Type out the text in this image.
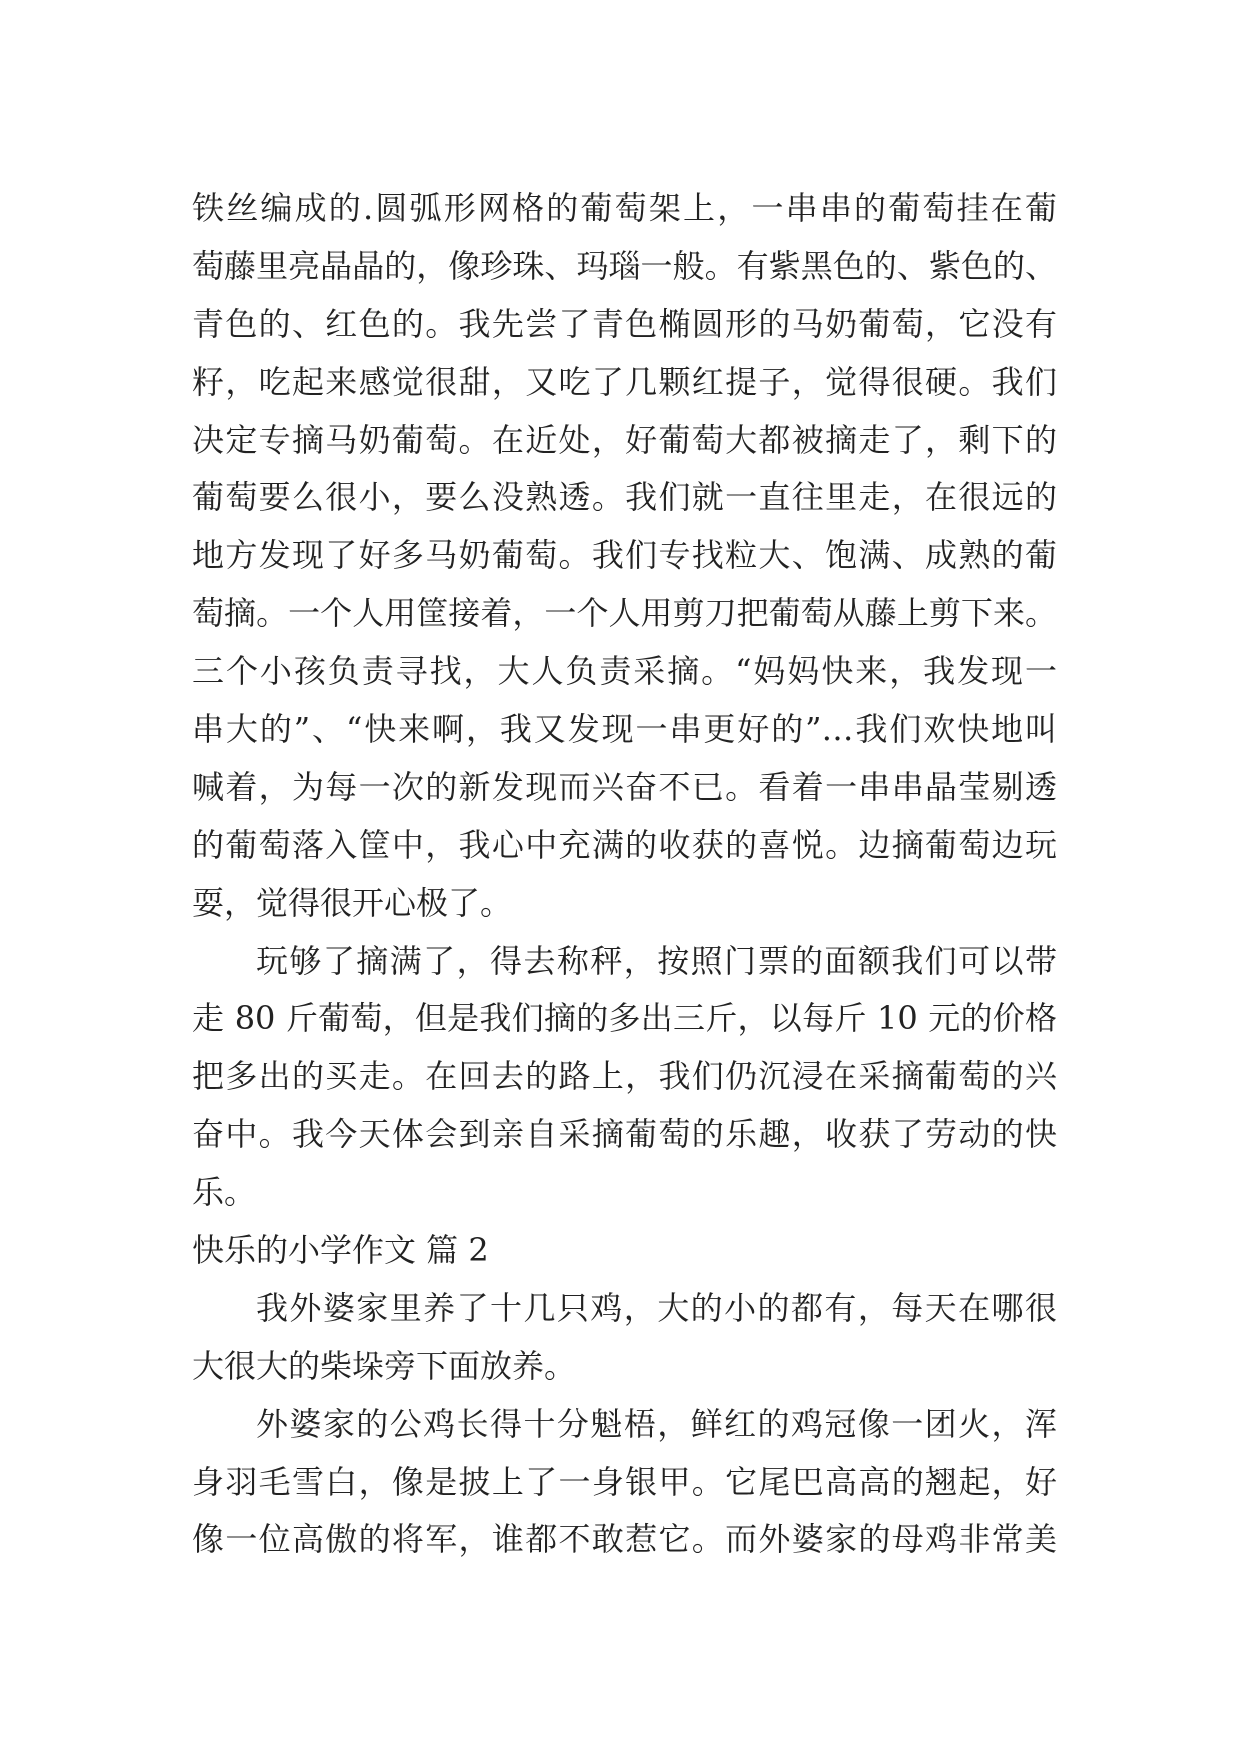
铁丝编成的.圆弧形网格的葡萄架上，一串串的葡萄挂在葡
萄藤里亮晶晶的，像珍珠、玛瑙一般。有紫黑色的、紫色的、
青色的、红色的。我先尝了青色椭圆形的马奶葡萄，它没有
籽，吃起来感觉很甜，又吃了几颗红提子，觉得很硬。我们
决定专摘马奶葡萄。在近处，好葡萄大都被摘走了，剩下的
葡萄要么很小，要么没熟透。我们就一直往里走，在很远的
地方发现了好多马奶葡萄。我们专找粒大、饱满、成熟的葡
萄摘。一个人用筐接着，一个人用剪刀把葡萄从藤上剪下来。
三个小孩负责寻找，大人负责采摘。“妈妈快来，我发现一
串大的”、“快来啊，我又发现一串更好的”…我们欢快地叫
喊着，为每一次的新发现而兴奋不已。看着一串串晶莹剔透
的葡萄落入筐中，我心中充满的收获的喜悦。边摘葡萄边玩
耍，觉得很开心极了。
玩够了摘满了，得去称秤，按照门票的面额我们可以带
走 80 斤葡萄，但是我们摘的多出三斤，以每斤 10 元的价格
把多出的买走。在回去的路上，我们仍沉浸在采摘葡萄的兴
奋中。我今天体会到亲自采摘葡萄的乐趣，收获了劳动的快
乐。
快乐的小学作文 篇 2
我外婆家里养了十几只鸡，大的小的都有，每天在哪很
大很大的柴垛旁下面放养。
外婆家的公鸡长得十分魁梧，鲜红的鸡冠像一团火，浑
身羽毛雪白，像是披上了一身银甲。它尾巴高高的翘起，好
像一位高傲的将军，谁都不敢惹它。而外婆家的母鸡非常美
